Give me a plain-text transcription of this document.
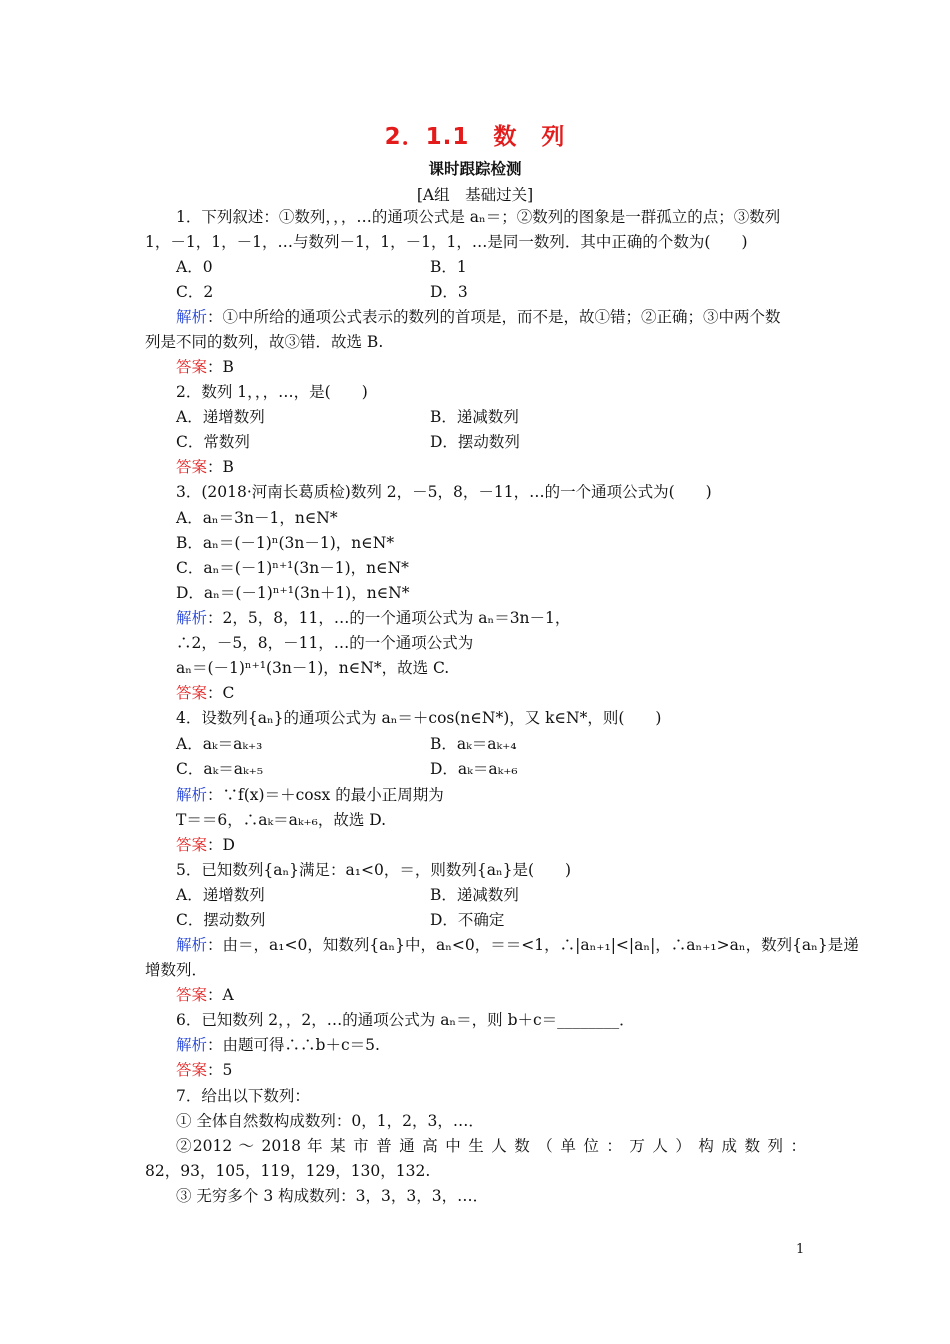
2．1.1　数　列
课时跟踪检测
[A组　基础过关]
1．下列叙述：①数列，，，…的通项公式是 aₙ＝；②数列的图象是一群孤立的点；③数列
1，－1，1，－1，…与数列－1，1，－1，1，…是同一数列．其中正确的个数为(　　)
A．0	B．1
C．2	D．3
解析：①中所给的通项公式表示的数列的首项是，而不是，故①错；②正确；③中两个数
列是不同的数列，故③错．故选 B.
答案：B
2．数列 1，，，…，是(　　)
A．递增数列	B．递减数列
C．常数列	D．摆动数列
答案：B
3．(2018·河南长葛质检)数列 2，－5，8，－11，…的一个通项公式为(　　)
A．aₙ＝3n－1，n∈N*
B．aₙ＝(－1)ⁿ(3n－1)，n∈N*
C．aₙ＝(－1)ⁿ⁺¹(3n－1)，n∈N*
D．aₙ＝(－1)ⁿ⁺¹(3n＋1)，n∈N*
解析：2，5，8，11，…的一个通项公式为 aₙ＝3n－1，
∴2，－5，8，－11，…的一个通项公式为
aₙ＝(－1)ⁿ⁺¹(3n－1)，n∈N*，故选 C.
答案：C
4．设数列{aₙ}的通项公式为 aₙ＝＋cos(n∈N*)，又 k∈N*，则(　　)
A．aₖ＝aₖ₊₃	B．aₖ＝aₖ₊₄
C．aₖ＝aₖ₊₅	D．aₖ＝aₖ₊₆
解析：∵f(x)＝＋cosx 的最小正周期为
T＝＝6，∴aₖ＝aₖ₊₆，故选 D.
答案：D
5．已知数列{aₙ}满足：a₁<0，＝，则数列{aₙ}是(　　)
A．递增数列	B．递减数列
C．摆动数列	D．不确定
解析：由＝，a₁<0，知数列{aₙ}中，aₙ<0，＝＝<1，∴|aₙ₊₁|<|aₙ|，∴aₙ₊₁>aₙ，数列{aₙ}是递
增数列．
答案：A
6．已知数列 2，，2，…的通项公式为 aₙ＝，则 b＋c＝________．
解析：由题可得∴∴b＋c＝5.
答案：5
7．给出以下数列：
① 全体自然数构成数列：0，1，2，3，…．
②2012 ～ 2018 年 某 市 普 通 高 中 生 人 数 （ 单 位 ： 万 人 ） 构 成 数 列 ：
82，93，105，119，129，130，132.
③ 无穷多个 3 构成数列：3，3，3，3，…．
1
